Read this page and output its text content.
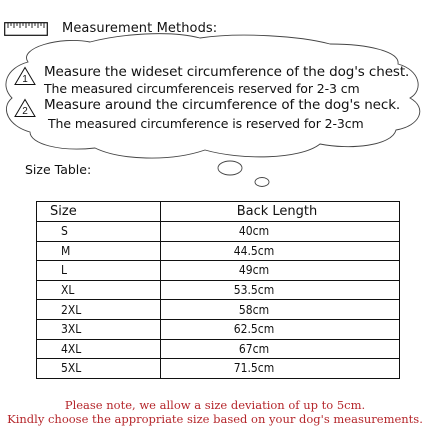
Measurement Methods:
1 Measure the wideset circumference of the dog's chest.
The measured circumferenceis reserved for 2-3 cm
2 Measure around the circumference of the dog's neck.
The measured circumference is reserved for 2-3cm
Size Table:
Size	Back Length
S	40cm
M	44.5cm
L	49cm
XL	53.5cm
2XL	58cm
3XL	62.5cm
4XL	67cm
5XL	71.5cm
Please note, we allow a size deviation of up to 5cm.
Kindly choose the appropriate size based on your dog's measurements.
